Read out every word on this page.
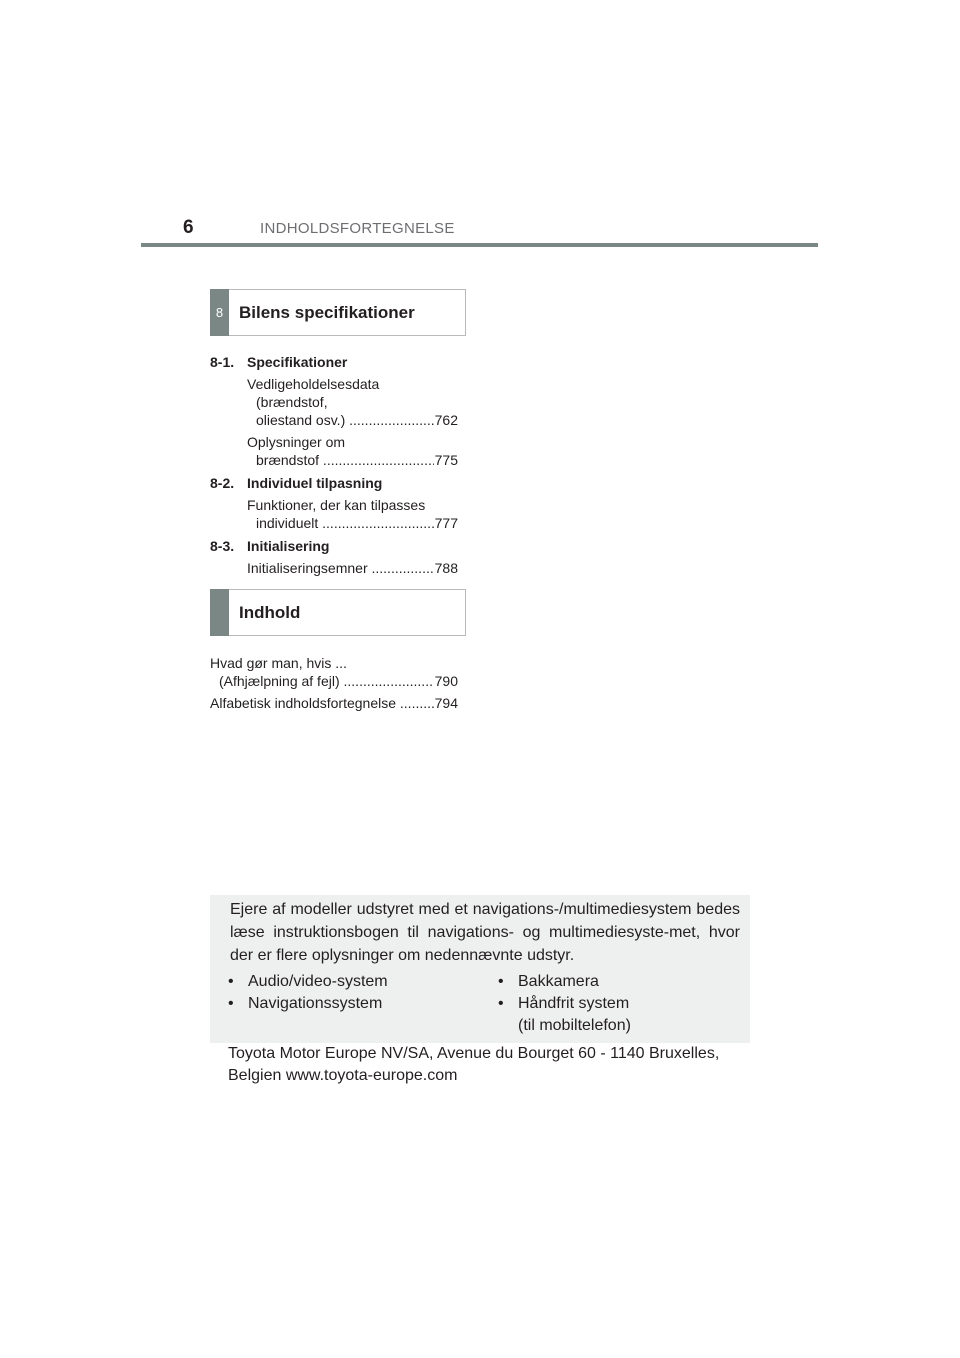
6	INDHOLDSFORTEGNELSE
8 Bilens specifikationer
8-1. Specifikationer
Vedligeholdelsesdata
(brændstof,
oliestand osv.) .....	762
Oplysninger om
brændstof .....	775
8-2. Individuel tilpasning
Funktioner, der kan tilpasses
individuelt .....	777
8-3. Initialisering
Initialiseringsemner .....	788
Indhold
Hvad gør man, hvis ...
(Afhjælpning af fejl) .....	790
Alfabetisk indholdsfortegnelse .....	794
Ejere af modeller udstyret med et navigations-/multimediesystem bedes læse instruktionsbogen til navigations- og multimediesyste-met, hvor der er flere oplysninger om nedennævnte udstyr.
• Audio/video-system
• Navigationssystem
• Bakkamera
• Håndfrit system
(til mobiltelefon)
Toyota Motor Europe NV/SA, Avenue du Bourget 60 - 1140 Bruxelles,
Belgien www.toyota-europe.com
